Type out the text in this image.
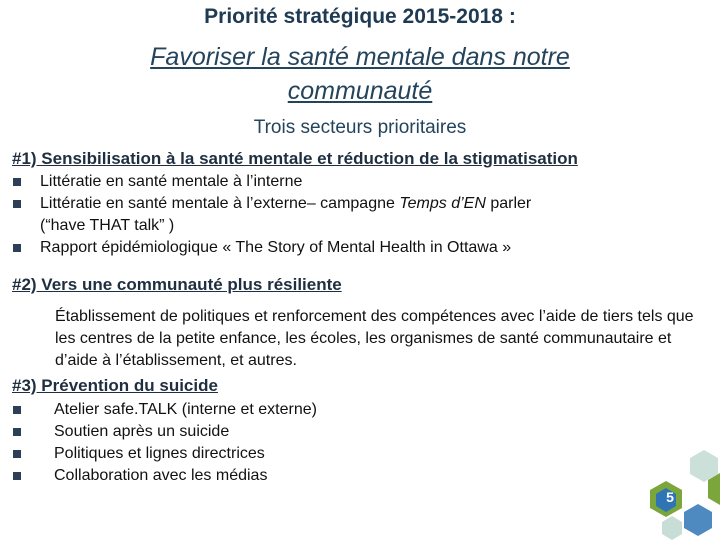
Priorité stratégique 2015-2018 :
Favoriser la santé mentale dans notre
communauté
Trois secteurs prioritaires
#1) Sensibilisation à la santé mentale et réduction de la stigmatisation
Littératie en santé mentale à l’interne
Littératie en santé mentale à l’externe– campagne Temps d’EN parler
(“have THAT talk” )
Rapport épidémiologique « The Story of Mental Health in Ottawa »
#2) Vers une communauté plus résiliente
Établissement de politiques et renforcement des compétences avec l’aide de tiers tels que les centres de la petite enfance, les écoles, les organismes de santé communautaire et d’aide à l’établissement, et autres.
#3) Prévention du suicide
Atelier safe.TALK (interne et externe)
Soutien après un suicide
Politiques et lignes directrices
Collaboration avec les médias
5
